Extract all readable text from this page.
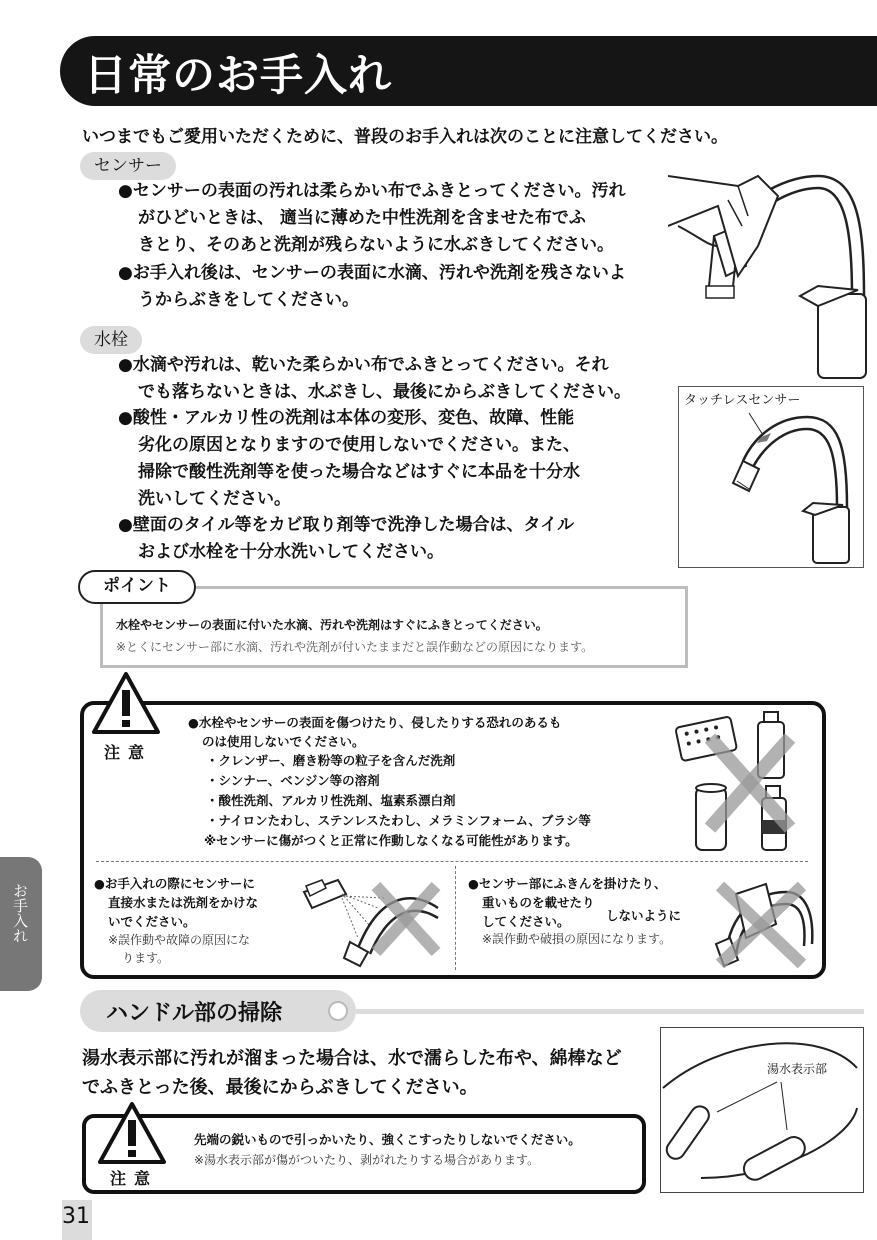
日常のお手入れ
いつまでもご愛用いただくために、普段のお手入れは次のことに注意してください。
センサー
●センサーの表面の汚れは柔らかい布でふきとってください。汚れ
がひどいときは、 適当に薄めた中性洗剤を含ませた布でふ
きとり、そのあと洗剤が残らないように水ぶきしてください。
●お手入れ後は、センサーの表面に水滴、汚れや洗剤を残さないよ
うからぶきをしてください。
水栓
●水滴や汚れは、乾いた柔らかい布でふきとってください。それ
でも落ちないときは、水ぶきし、最後にからぶきしてください。
●酸性・アルカリ性の洗剤は本体の変形、変色、故障、性能
劣化の原因となりますので使用しないでください。また、
掃除で酸性洗剤等を使った場合などはすぐに本品を十分水
洗いしてください。
●壁面のタイル等をカビ取り剤等で洗浄した場合は、タイル
および水栓を十分水洗いしてください。
タッチレスセンサー
ポイント
水栓やセンサーの表面に付いた水滴、汚れや洗剤はすぐにふきとってください。
※とくにセンサー部に水滴、汚れや洗剤が付いたままだと誤作動などの原因になります。
注意
●水栓やセンサーの表面を傷つけたり、侵したりする恐れのあるも
のは使用しないでください。
・クレンザー、磨き粉等の粒子を含んだ洗剤
・シンナー、ベンジン等の溶剤
・酸性洗剤、アルカリ性洗剤、塩素系漂白剤
・ナイロンたわし、ステンレスたわし、メラミンフォーム、ブラシ等
※センサーに傷がつくと正常に作動しなくなる可能性があります。
●お手入れの際にセンサーに
直接水または洗剤をかけな
いでください。
※誤作動や故障の原因にな
ります。
●センサー部にふきんを掛けたり、
重いものを載せたり
してください。	しないように
※誤作動や破損の原因になります。
お手入れ
ハンドル部の掃除
湯水表示部に汚れが溜まった場合は、水で濡らした布や、綿棒など
でふきとった後、最後にからぶきしてください。
注意
先端の鋭いもので引っかいたり、強くこすったりしないでください。
※湯水表示部が傷がついたり、剥がれたりする場合があります。
湯水表示部
31
